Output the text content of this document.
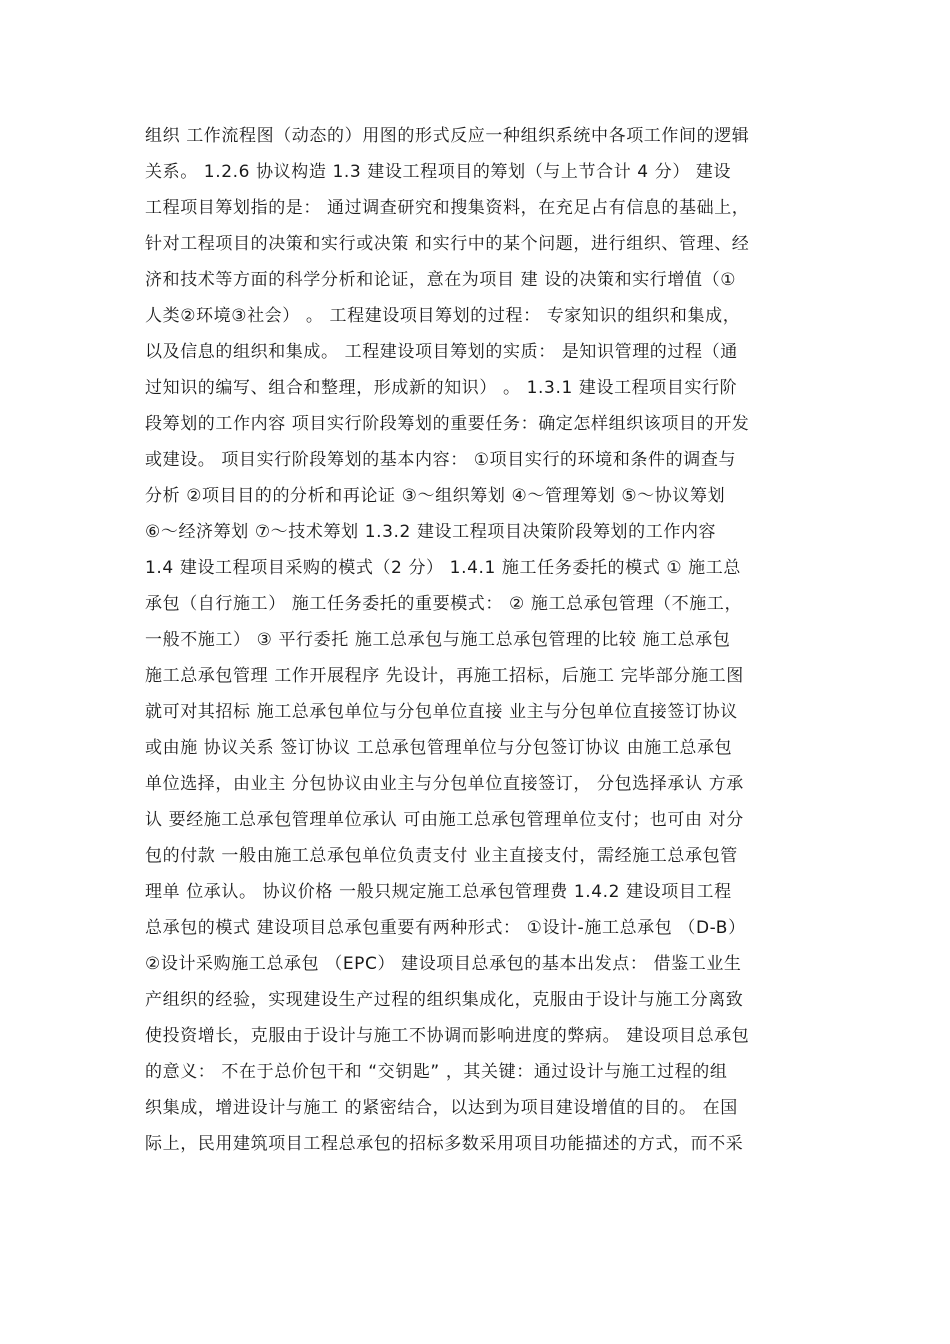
组织 工作流程图（动态的）用图的形式反应一种组织系统中各项工作间的逻辑
关系。 1.2.6 协议构造 1.3 建设工程项目的筹划（与上节合计 4 分） 建设
工程项目筹划指的是： 通过调查研究和搜集资料，在充足占有信息的基础上，
针对工程项目的决策和实行或决策 和实行中的某个问题，进行组织、管理、经
济和技术等方面的科学分析和论证，意在为项目 建 设的决策和实行增值（①
人类②环境③社会） 。 工程建设项目筹划的过程： 专家知识的组织和集成，
以及信息的组织和集成。 工程建设项目筹划的实质： 是知识管理的过程（通
过知识的编写、组合和整理，形成新的知识） 。 1.3.1 建设工程项目实行阶
段筹划的工作内容 项目实行阶段筹划的重要任务：确定怎样组织该项目的开发
或建设。 项目实行阶段筹划的基本内容： ①项目实行的环境和条件的调查与
分析 ②项目目的的分析和再论证 ③～组织筹划 ④～管理筹划 ⑤～协议筹划
⑥～经济筹划 ⑦～技术筹划 1.3.2 建设工程项目决策阶段筹划的工作内容
1.4 建设工程项目采购的模式（2 分） 1.4.1 施工任务委托的模式 ① 施工总
承包（自行施工） 施工任务委托的重要模式： ② 施工总承包管理（不施工，
一般不施工） ③ 平行委托 施工总承包与施工总承包管理的比较 施工总承包
施工总承包管理 工作开展程序 先设计，再施工招标，后施工 完毕部分施工图
就可对其招标 施工总承包单位与分包单位直接 业主与分包单位直接签订协议
或由施 协议关系 签订协议 工总承包管理单位与分包签订协议 由施工总承包
单位选择，由业主 分包协议由业主与分包单位直接签订， 分包选择承认 方承
认 要经施工总承包管理单位承认 可由施工总承包管理单位支付；也可由 对分
包的付款 一般由施工总承包单位负责支付 业主直接支付，需经施工总承包管
理单 位承认。 协议价格 一般只规定施工总承包管理费 1.4.2 建设项目工程
总承包的模式 建设项目总承包重要有两种形式： ①设计-施工总承包 （D-B）
②设计采购施工总承包 （EPC） 建设项目总承包的基本出发点： 借鉴工业生
产组织的经验，实现建设生产过程的组织集成化，克服由于设计与施工分离致
使投资增长，克服由于设计与施工不协调而影响进度的弊病。 建设项目总承包
的意义： 不在于总价包干和 “交钥匙” ，其关键：通过设计与施工过程的组
织集成，增进设计与施工 的紧密结合，以达到为项目建设增值的目的。 在国
际上，民用建筑项目工程总承包的招标多数采用项目功能描述的方式，而不采
